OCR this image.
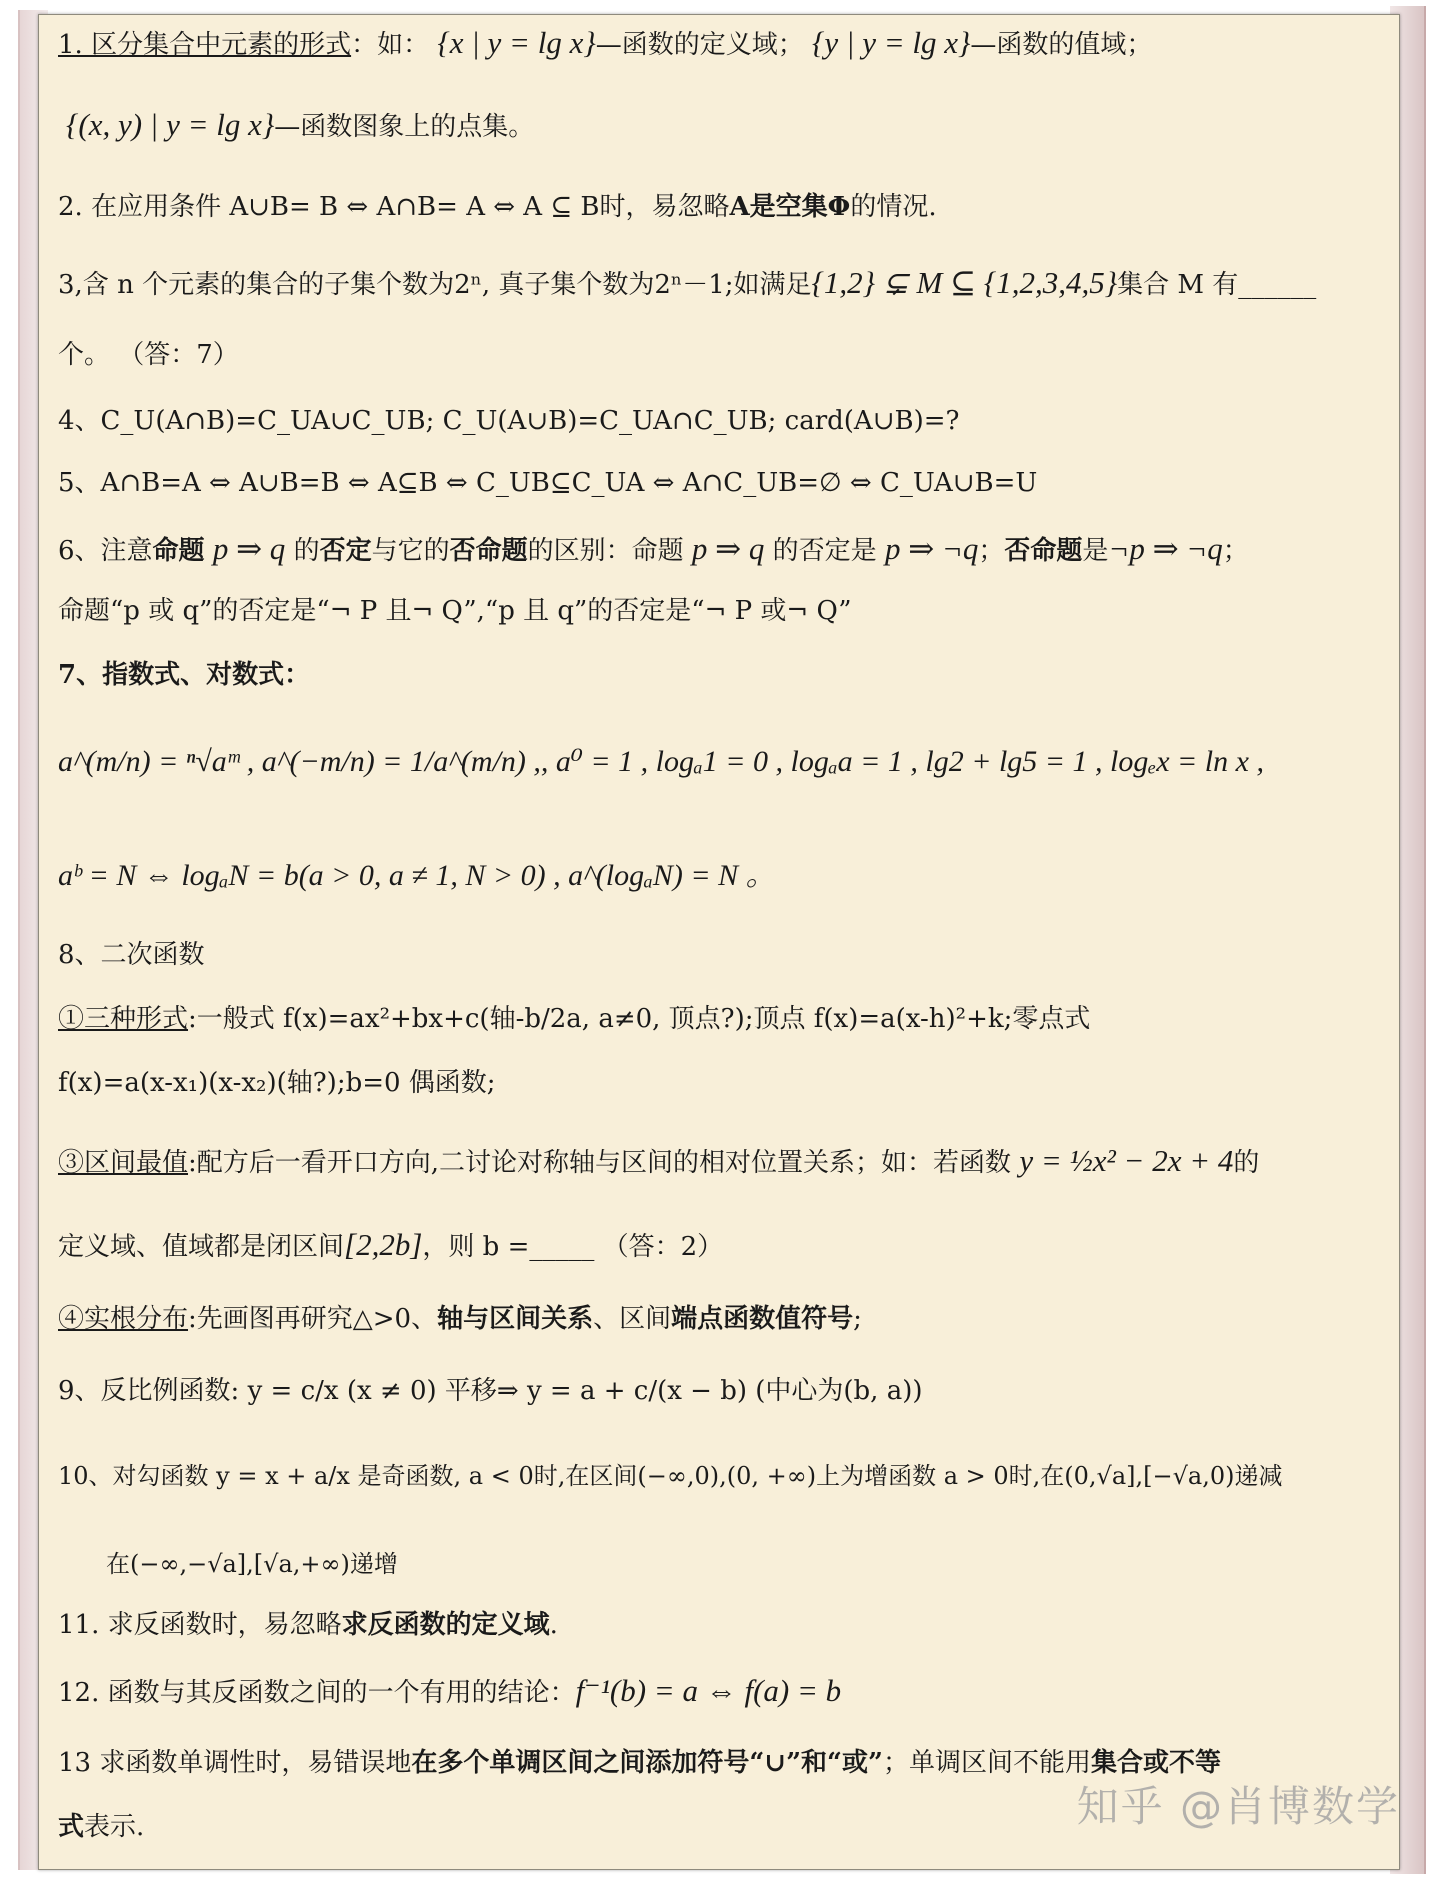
1. 区分集合中元素的形式：如： {x | y = lg x}—函数的定义域； {y | y = lg x}—函数的值域；
{(x, y) | y = lg x}—函数图象上的点集。
2. 在应用条件 A∪B= B ⇔ A∩B= A ⇔ A ⊆ B时，易忽略A是空集Φ的情况.
3,含 n 个元素的集合的子集个数为2ⁿ, 真子集个数为2ⁿ－1;如满足{1,2} ⊊ M ⊆ {1,2,3,4,5}集合 M 有______
个。 （答：7）
4、C_U(A∩B)=C_UA∪C_UB; C_U(A∪B)=C_UA∩C_UB; card(A∪B)=?
5、A∩B=A ⇔ A∪B=B ⇔ A⊆B ⇔ C_UB⊆C_UA ⇔ A∩C_UB=∅ ⇔ C_UA∪B=U
6、注意命题 p ⇒ q 的否定与它的否命题的区别：命题 p ⇒ q 的否定是 p ⇒ ¬q；否命题是¬p ⇒ ¬q；
命题“p 或 q”的否定是“¬ P 且¬ Q”,“p 且 q”的否定是“¬ P 或¬ Q”
7、指数式、对数式：
a^(m/n) = ⁿ√aᵐ , a^(−m/n) = 1/a^(m/n) ,, a⁰ = 1 , logₐ1 = 0 , logₐa = 1 , lg2 + lg5 = 1 , logₑx = ln x ,
aᵇ = N ⇔ logₐN = b(a > 0, a ≠ 1, N > 0) , a^(logₐN) = N 。
8、二次函数
①三种形式:一般式 f(x)=ax²+bx+c(轴-b/2a, a≠0, 顶点?);顶点 f(x)=a(x-h)²+k;零点式
f(x)=a(x-x₁)(x-x₂)(轴?);b=0 偶函数;
③区间最值:配方后一看开口方向,二讨论对称轴与区间的相对位置关系；如：若函数 y = ½x² − 2x + 4的
定义域、值域都是闭区间[2,2b]，则 b =_____ （答：2）
④实根分布:先画图再研究△>0、轴与区间关系、区间端点函数值符号;
9、反比例函数: y = c/x (x ≠ 0) 平移⇒ y = a + c/(x − b) (中心为(b, a))
10、对勾函数 y = x + a/x 是奇函数, a < 0时,在区间(−∞,0),(0, +∞)上为增函数 a > 0时,在(0,√a],[−√a,0)递减
在(−∞,−√a],[√a,+∞)递增
11. 求反函数时，易忽略求反函数的定义域.
12. 函数与其反函数之间的一个有用的结论：f⁻¹(b) = a ⇔ f(a) = b
13 求函数单调性时，易错误地在多个单调区间之间添加符号“∪”和“或”；单调区间不能用集合或不等
式表示.	知乎 @肖博数学
